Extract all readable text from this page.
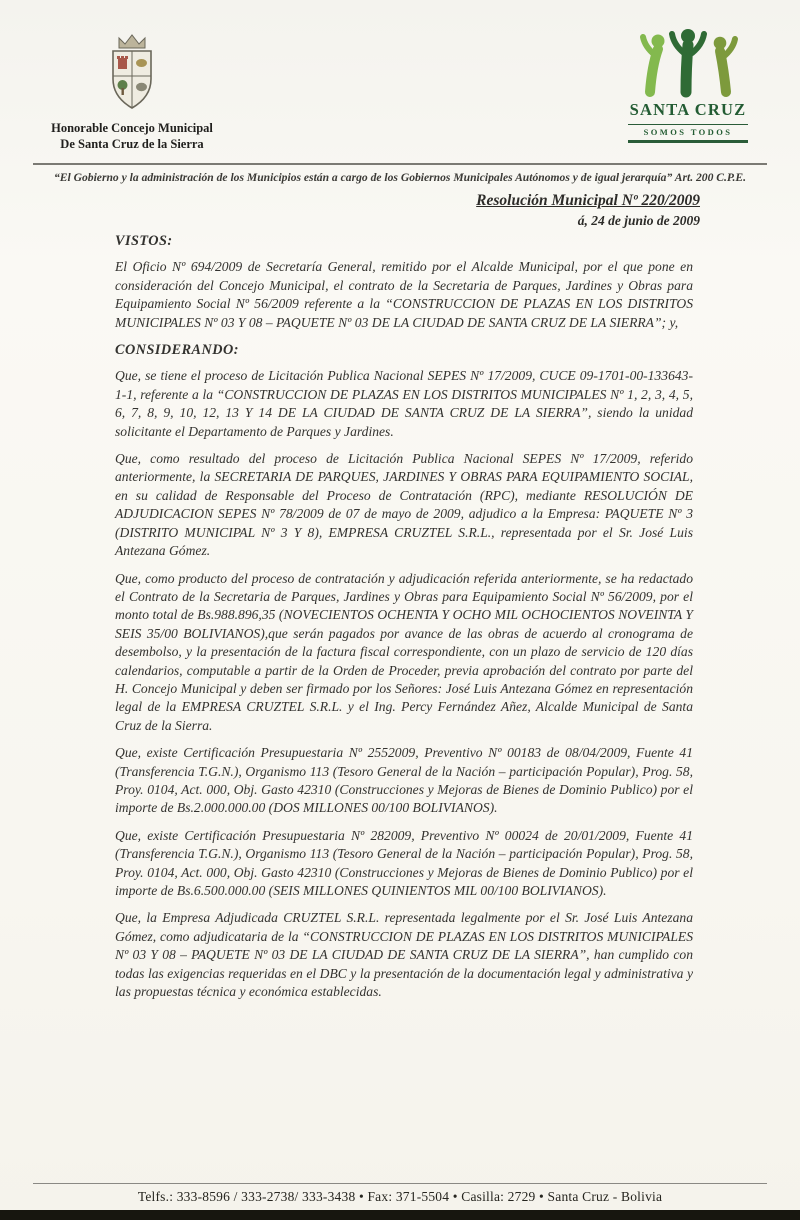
Honorable Concejo Municipal
De Santa Cruz de la Sierra
SANTA CRUZ
SOMOS TODOS
“El Gobierno y la administración de los Municipios están a cargo de los Gobiernos Municipales Autónomos y de igual jerarquía” Art. 200 C.P.E.
Resolución Municipal Nº 220/2009
á, 24 de junio de 2009
VISTOS:

El Oficio Nº 694/2009 de Secretaría General, remitido por el Alcalde Municipal, por el que pone en consideración del Concejo Municipal, el contrato de la Secretaria de Parques, Jardines y Obras para Equipamiento Social Nº 56/2009 referente a la “CONSTRUCCION DE PLAZAS EN LOS DISTRITOS MUNICIPALES Nº 03 Y 08 – PAQUETE Nº 03 DE LA CIUDAD DE SANTA CRUZ DE LA SIERRA”; y,

CONSIDERANDO:

Que, se tiene el proceso de Licitación Publica Nacional SEPES Nº 17/2009, CUCE 09-1701-00-133643-1-1, referente a la “CONSTRUCCION DE PLAZAS EN LOS DISTRITOS MUNICIPALES Nº 1, 2, 3, 4, 5, 6, 7, 8, 9, 10, 12, 13 Y 14 DE LA CIUDAD DE SANTA CRUZ DE LA SIERRA”, siendo la unidad solicitante el Departamento de Parques y Jardines.

Que, como resultado del proceso de Licitación Publica Nacional SEPES Nº 17/2009, referido anteriormente, la SECRETARIA DE PARQUES, JARDINES Y OBRAS PARA EQUIPAMIENTO SOCIAL, en su calidad de Responsable del Proceso de Contratación (RPC), mediante RESOLUCIÓN DE ADJUDICACION SEPES Nº 78/2009 de 07 de mayo de 2009, adjudico a la Empresa: PAQUETE Nº 3 (DISTRITO MUNICIPAL Nº 3 Y 8), EMPRESA CRUZTEL S.R.L., representada por el Sr. José Luis Antezana Gómez.

Que, como producto del proceso de contratación y adjudicación referida anteriormente, se ha redactado el Contrato de la Secretaria de Parques, Jardines y Obras para Equipamiento Social Nº 56/2009, por el monto total de Bs.988.896,35 (NOVECIENTOS OCHENTA Y OCHO MIL OCHOCIENTOS NOVEINTA Y SEIS 35/00 BOLIVIANOS),que serán pagados por avance de las obras de acuerdo al cronograma de desembolso, y la presentación de la factura fiscal correspondiente, con un plazo de servicio de 120 días calendarios, computable a partir de la Orden de Proceder, previa aprobación del contrato por parte del H. Concejo Municipal y deben ser firmado por los Señores: José Luis Antezana Gómez en representación legal de la EMPRESA CRUZTEL S.R.L. y el Ing. Percy Fernández Añez, Alcalde Municipal de Santa Cruz de la Sierra.

Que, existe Certificación Presupuestaria Nº 2552009, Preventivo Nº 00183 de 08/04/2009, Fuente 41 (Transferencia T.G.N.), Organismo 113 (Tesoro General de la Nación – participación Popular), Prog. 58, Proy. 0104, Act. 000, Obj. Gasto 42310 (Construcciones y Mejoras de Bienes de Dominio Publico) por el importe de Bs.2.000.000.00 (DOS MILLONES 00/100 BOLIVIANOS).

Que, existe Certificación Presupuestaria Nº 282009, Preventivo Nº 00024 de 20/01/2009, Fuente 41 (Transferencia T.G.N.), Organismo 113 (Tesoro General de la Nación – participación Popular), Prog. 58, Proy. 0104, Act. 000, Obj. Gasto 42310 (Construcciones y Mejoras de Bienes de Dominio Publico) por el importe de Bs.6.500.000.00 (SEIS MILLONES QUINIENTOS MIL 00/100 BOLIVIANOS).

Que, la Empresa Adjudicada CRUZTEL S.R.L. representada legalmente por el Sr. José Luis Antezana Gómez, como adjudicataria de la “CONSTRUCCION DE PLAZAS EN LOS DISTRITOS MUNICIPALES Nº 03 Y 08 – PAQUETE Nº 03 DE LA CIUDAD DE SANTA CRUZ DE LA SIERRA”, han cumplido con todas las exigencias requeridas en el DBC y la presentación de la documentación legal y administrativa y las propuestas técnica y económica establecidas.

Telfs.: 333-8596 / 333-2738/ 333-3438 • Fax: 371-5504 • Casilla: 2729 • Santa Cruz - Bolivia
